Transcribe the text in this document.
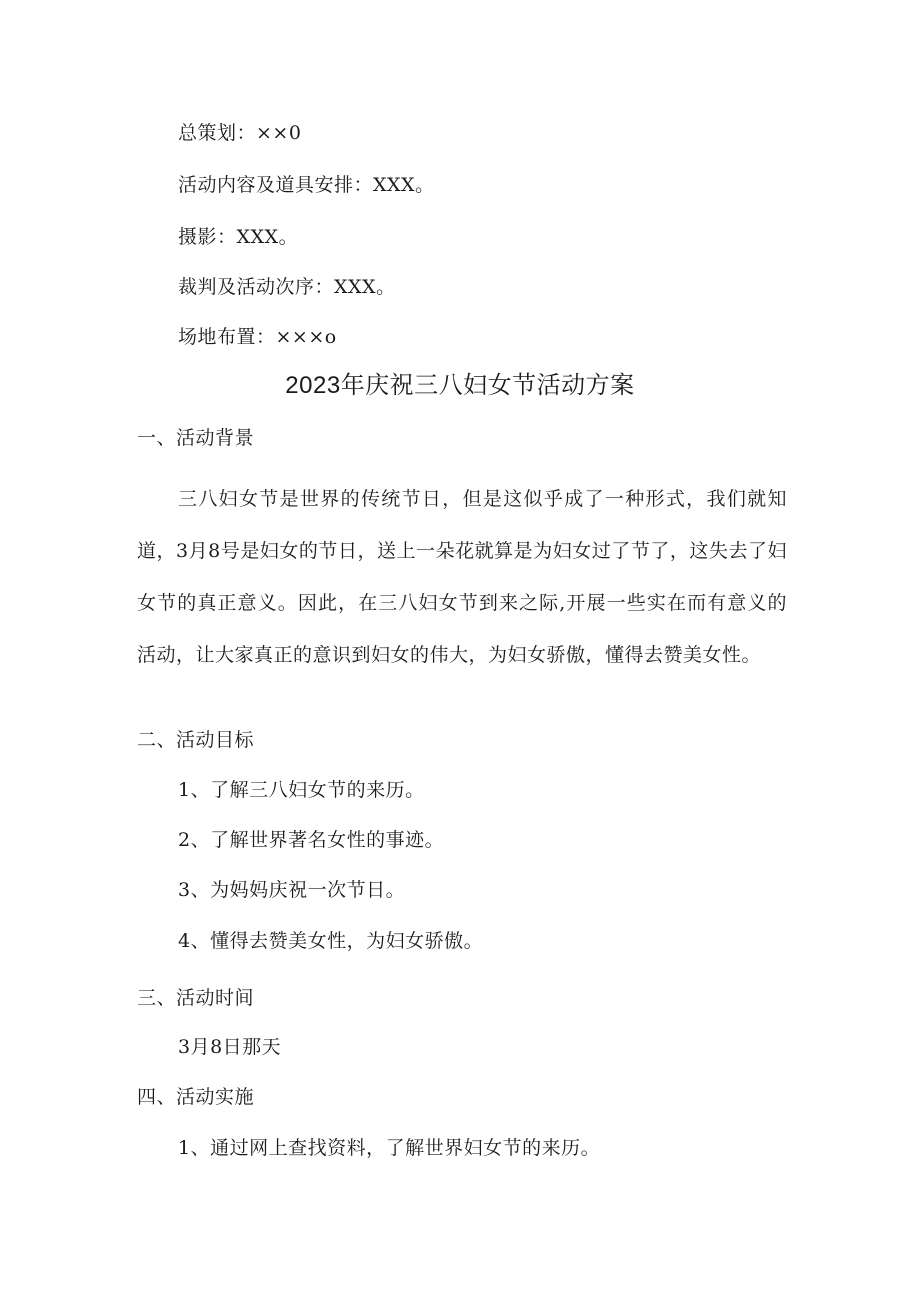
总策划：××0
活动内容及道具安排：XXX。
摄影：XXX。
裁判及活动次序：XXX。
场地布置：×××o
2023年庆祝三八妇女节活动方案
一、活动背景
三八妇女节是世界的传统节日，但是这似乎成了一种形式，我们就知道，3月8号是妇女的节日，送上一朵花就算是为妇女过了节了，这失去了妇女节的真正意义。因此，在三八妇女节到来之际,开展一些实在而有意义的活动，让大家真正的意识到妇女的伟大，为妇女骄傲，懂得去赞美女性。
二、活动目标
1、了解三八妇女节的来历。
2、了解世界著名女性的事迹。
3、为妈妈庆祝一次节日。
4、懂得去赞美女性，为妇女骄傲。
三、活动时间
3月8日那天
四、活动实施
1、通过网上查找资料，了解世界妇女节的来历。
